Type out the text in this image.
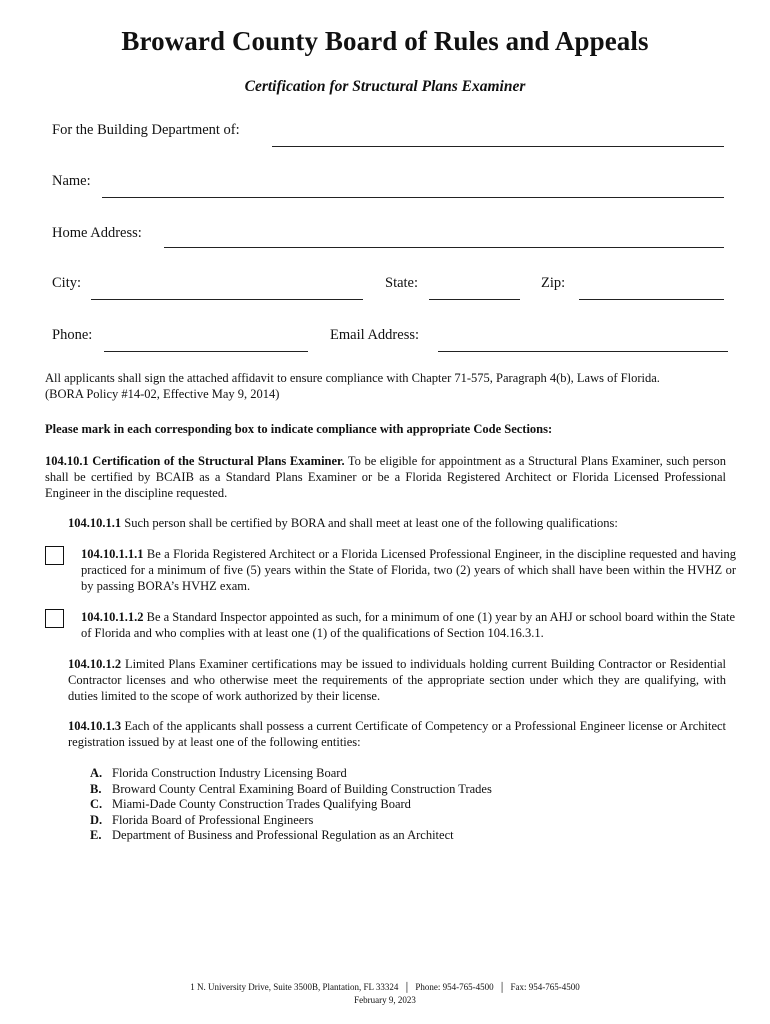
Broward County Board of Rules and Appeals
Certification for Structural Plans Examiner
For the Building Department of:
Name:
Home Address:
City:	State:	Zip:
Phone:	Email Address:
All applicants shall sign the attached affidavit to ensure compliance with Chapter 71-575, Paragraph 4(b), Laws of Florida.
(BORA Policy #14-02, Effective May 9, 2014)
Please mark in each corresponding box to indicate compliance with appropriate Code Sections:
104.10.1 Certification of the Structural Plans Examiner. To be eligible for appointment as a Structural Plans Examiner, such person shall be certified by BCAIB as a Standard Plans Examiner or be a Florida Registered Architect or Florida Licensed Professional Engineer in the discipline requested.
104.10.1.1 Such person shall be certified by BORA and shall meet at least one of the following qualifications:
104.10.1.1.1 Be a Florida Registered Architect or a Florida Licensed Professional Engineer, in the discipline requested and having practiced for a minimum of five (5) years within the State of Florida, two (2) years of which shall have been within the HVHZ or by passing BORA’s HVHZ exam.
104.10.1.1.2 Be a Standard Inspector appointed as such, for a minimum of one (1) year by an AHJ or school board within the State of Florida and who complies with at least one (1) of the qualifications of Section 104.16.3.1.
104.10.1.2 Limited Plans Examiner certifications may be issued to individuals holding current Building Contractor or Residential Contractor licenses and who otherwise meet the requirements of the appropriate section under which they are qualifying, with duties limited to the scope of work authorized by their license.
104.10.1.3 Each of the applicants shall possess a current Certificate of Competency or a Professional Engineer license or Architect registration issued by at least one of the following entities:
A. Florida Construction Industry Licensing Board
B. Broward County Central Examining Board of Building Construction Trades
C. Miami-Dade County Construction Trades Qualifying Board
D. Florida Board of Professional Engineers
E. Department of Business and Professional Regulation as an Architect
1 N. University Drive, Suite 3500B, Plantation, FL 33324 │ Phone: 954-765-4500 │ Fax: 954-765-4500
February 9, 2023
